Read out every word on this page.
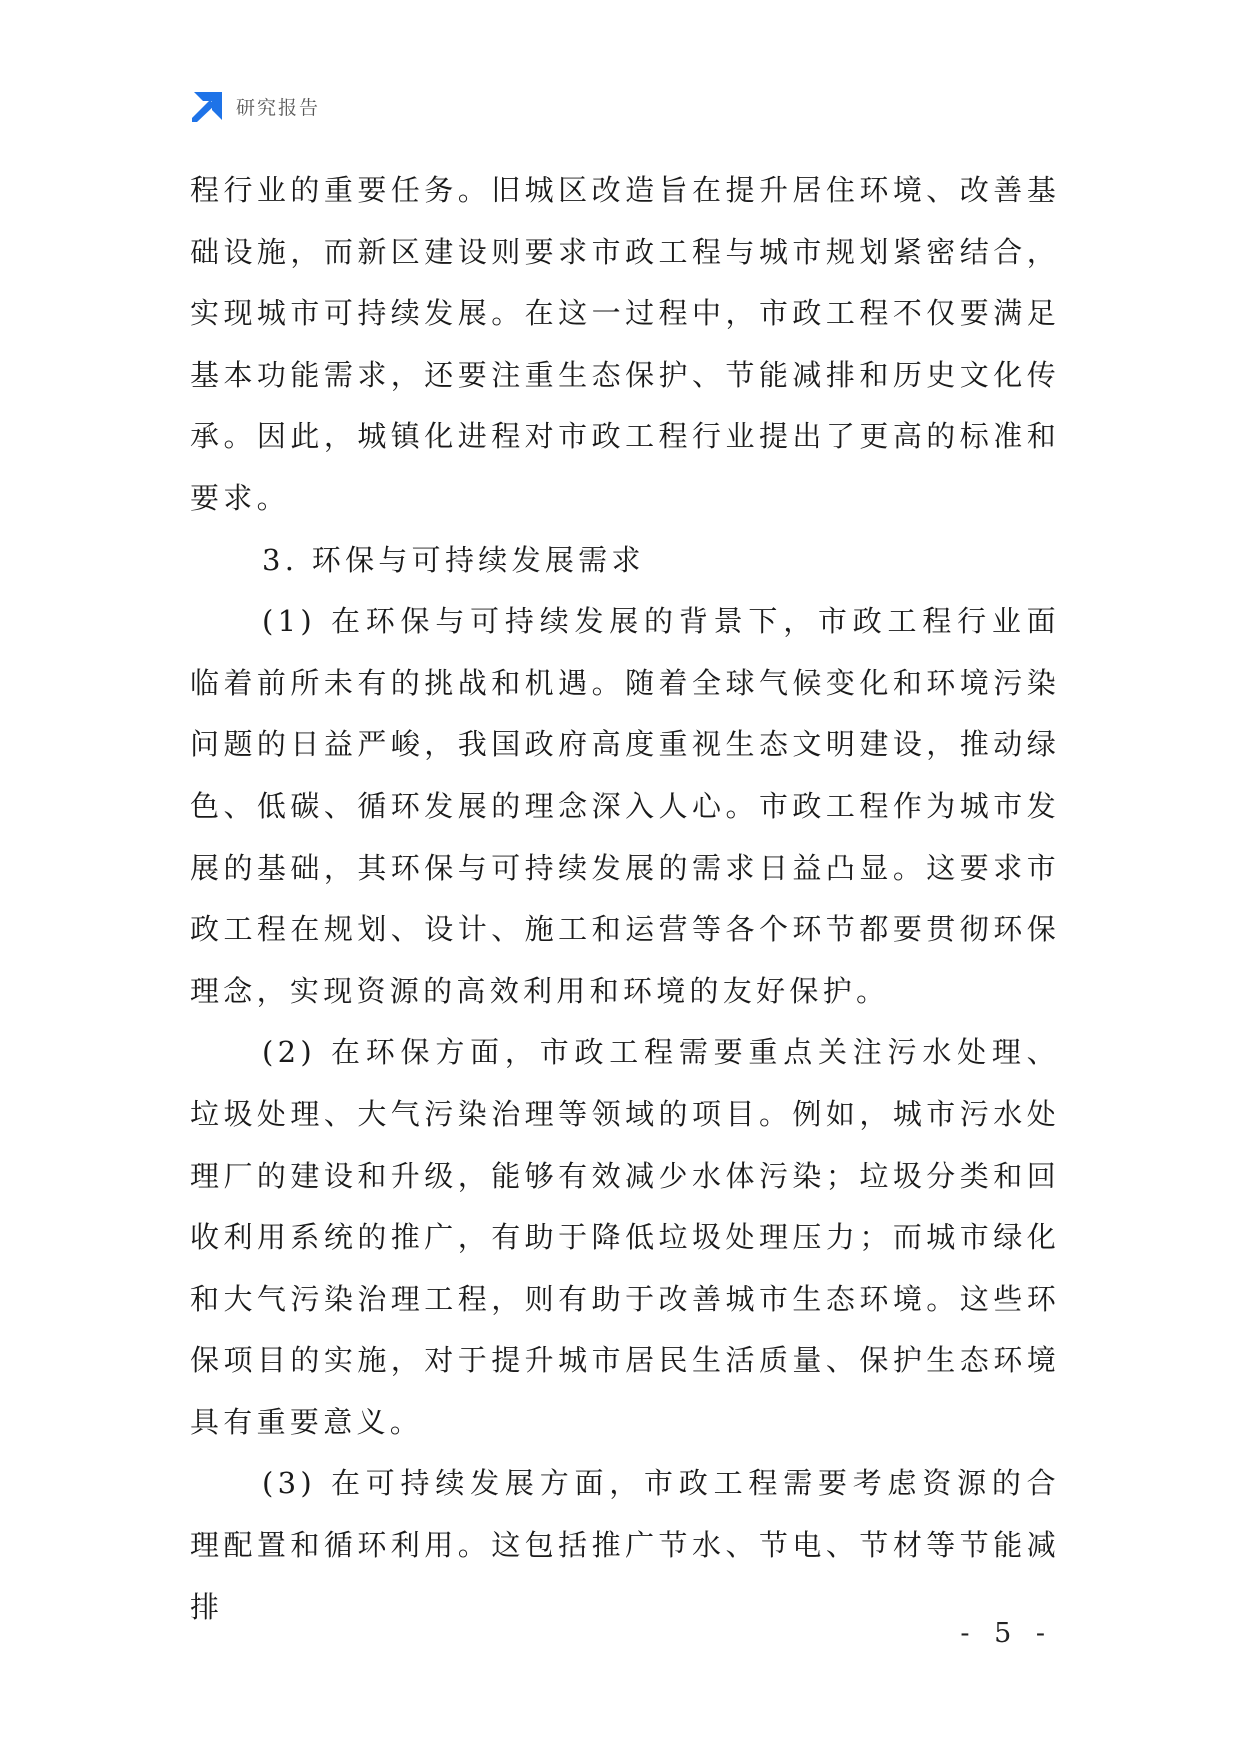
研究报告

程行业的重要任务。旧城区改造旨在提升居住环境、改善基础设施，而新区建设则要求市政工程与城市规划紧密结合，实现城市可持续发展。在这一过程中，市政工程不仅要满足基本功能需求，还要注重生态保护、节能减排和历史文化传承。因此，城镇化进程对市政工程行业提出了更高的标准和要求。

3. 环保与可持续发展需求

(1) 在环保与可持续发展的背景下，市政工程行业面临着前所未有的挑战和机遇。随着全球气候变化和环境污染问题的日益严峻，我国政府高度重视生态文明建设，推动绿色、低碳、循环发展的理念深入人心。市政工程作为城市发展的基础，其环保与可持续发展的需求日益凸显。这要求市政工程在规划、设计、施工和运营等各个环节都要贯彻环保理念，实现资源的高效利用和环境的友好保护。

(2) 在环保方面，市政工程需要重点关注污水处理、垃圾处理、大气污染治理等领域的项目。例如，城市污水处理厂的建设和升级，能够有效减少水体污染；垃圾分类和回收利用系统的推广，有助于降低垃圾处理压力；而城市绿化和大气污染治理工程，则有助于改善城市生态环境。这些环保项目的实施，对于提升城市居民生活质量、保护生态环境具有重要意义。

(3) 在可持续发展方面，市政工程需要考虑资源的合理配置和循环利用。这包括推广节水、节电、节材等节能减排

- 5 -
